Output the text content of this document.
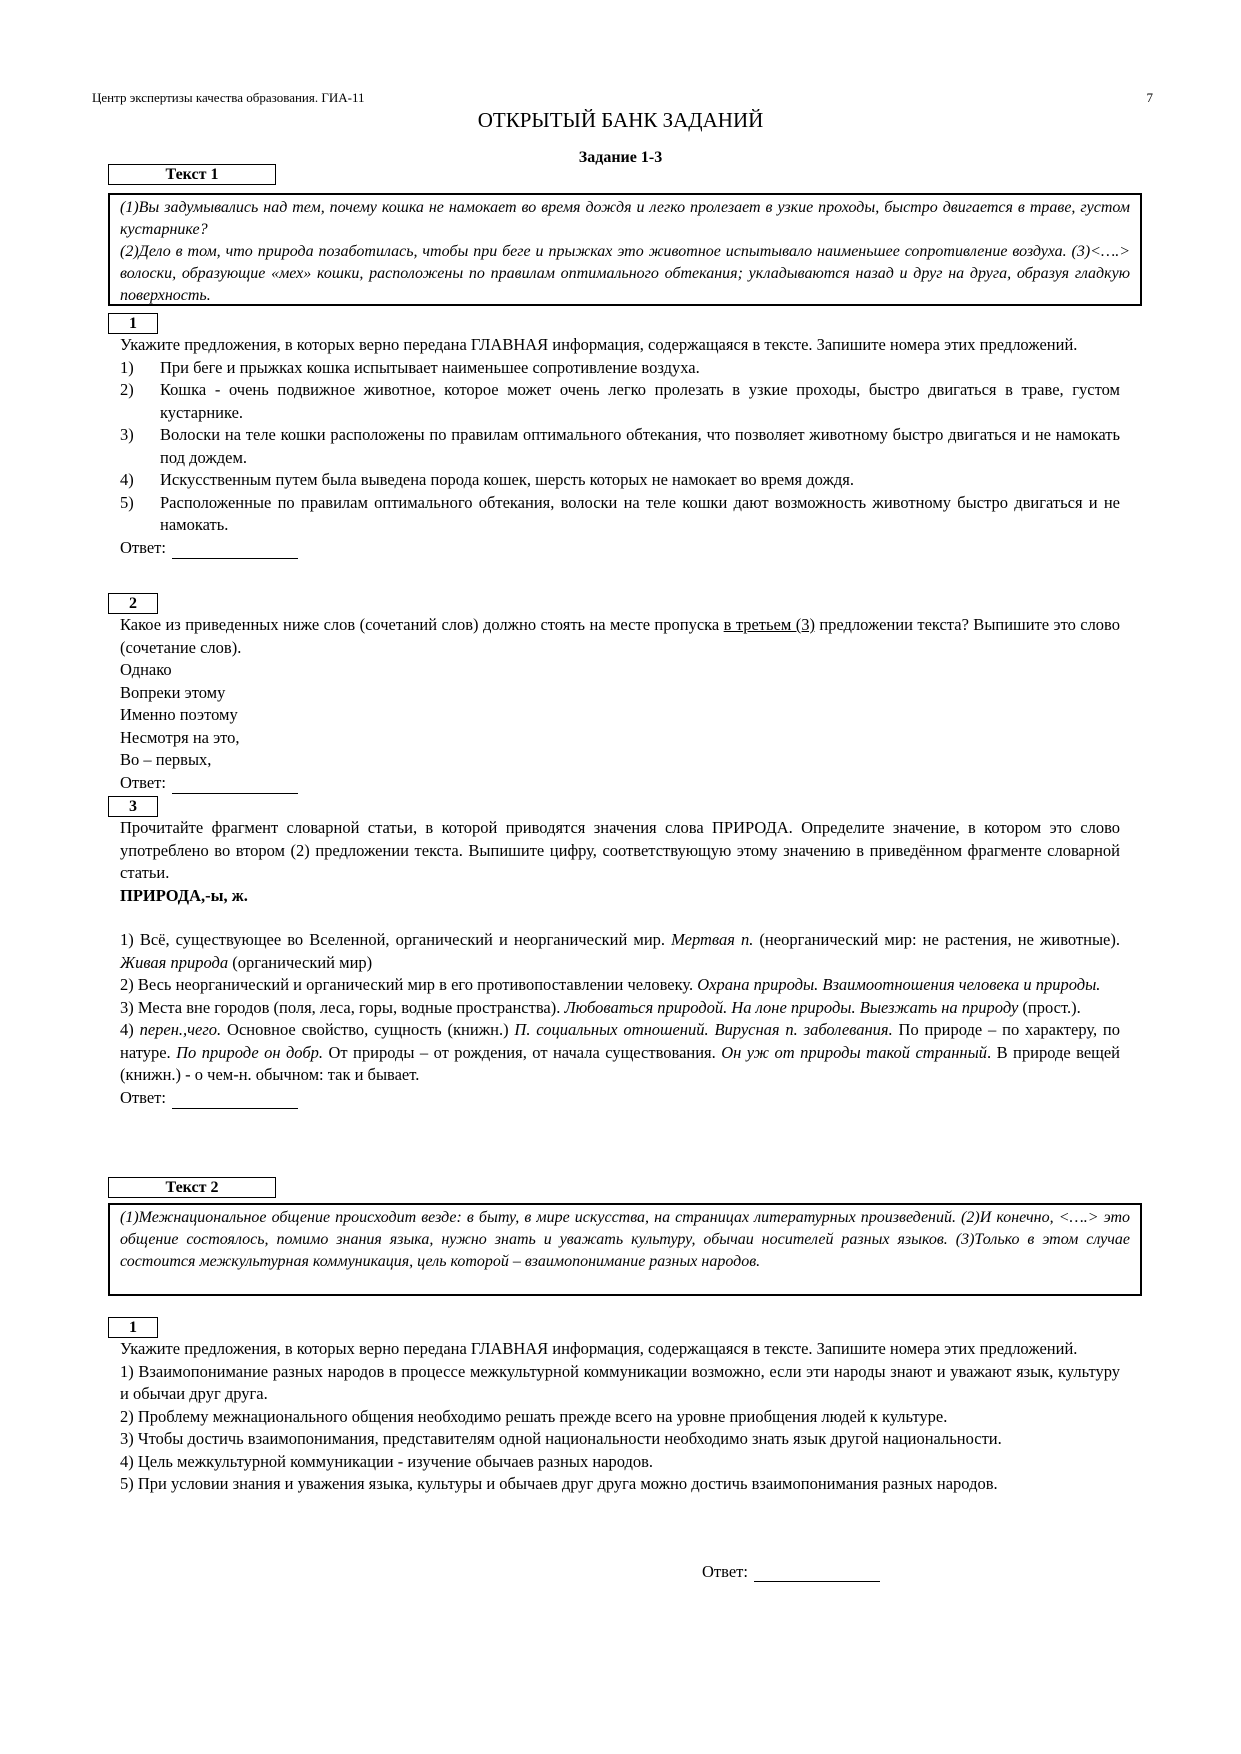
Центр экспертизы качества образования. ГИА-11	7
ОТКРЫТЫЙ БАНК ЗАДАНИЙ
Задание 1-3
Текст 1

(1)Вы задумывались над тем, почему кошка не намокает во время дождя и легко пролезает в узкие проходы, быстро двигается в траве, густом кустарнике?

(2)Дело в том, что природа позаботилась, чтобы при беге и прыжках это животное испытывало наименьшее сопротивление воздуха. (3)<….> волоски, образующие «мех» кошки, расположены по правилам оптимального обтекания; укладываются назад и друг на друга, образуя гладкую поверхность.

1

Укажите предложения, в которых верно передана ГЛАВНАЯ информация, содержащаяся в тексте. Запишите номера этих предложений.

1)	При беге и прыжках кошка испытывает наименьшее сопротивление воздуха.
2)	Кошка - очень подвижное животное, которое может очень легко пролезать в узкие проходы, быстро двигаться в траве, густом кустарнике.
3)	Волоски на теле кошки расположены по правилам оптимального обтекания, что позволяет животному быстро двигаться и не намокать под дождем.
4)	Искусственным путем была выведена порода кошек, шерсть которых не намокает во время дождя.
5)	Расположенные по правилам оптимального обтекания, волоски на теле кошки дают возможность животному быстро двигаться и не намокать.

Ответ:

2

Какое из приведенных ниже слов (сочетаний слов) должно стоять на месте пропуска в третьем (3) предложении текста? Выпишите это слово (сочетание слов).

Однако

Вопреки этому

Именно поэтому

Несмотря на это,

Во – первых,

Ответ:

3

Прочитайте фрагмент словарной статьи, в которой приводятся значения слова ПРИРОДА. Определите значение, в котором это слово употреблено во втором (2) предложении текста. Выпишите цифру, соответствующую этому значению в приведённом фрагменте словарной статьи.

ПРИРОДА,-ы, ж.

1) Всё, существующее во Вселенной, органический и неорганический мир. Мертвая п. (неорганический мир: не растения, не животные). Живая природа (органический мир)

2) Весь неорганический и органический мир в его противопоставлении человеку. Охрана природы. Взаимоотношения человека и природы.

3) Места вне городов (поля, леса, горы, водные пространства). Любоваться природой. На лоне природы. Выезжать на природу (прост.).

4) перен.,чего. Основное свойство, сущность (книжн.) П. социальных отношений. Вирусная п. заболевания. По природе – по характеру, по натуре. По природе он добр. От природы – от рождения, от начала существования. Он уж от природы такой странный. В природе вещей (книжн.) - о чем-н. обычном: так и бывает.

Ответ:

Текст 2

(1)Межнациональное общение происходит везде: в быту, в мире искусства, на страницах литературных произведений. (2)И конечно, <….> это общение состоялось, помимо знания языка, нужно знать и уважать культуру, обычаи носителей разных языков. (3)Только в этом случае состоится межкультурная коммуникация, цель которой – взаимопонимание разных народов.

1

Укажите предложения, в которых верно передана ГЛАВНАЯ информация, содержащаяся в тексте. Запишите номера этих предложений.

1) Взаимопонимание разных народов в процессе межкультурной коммуникации возможно, если эти народы знают и уважают язык, культуру и обычаи друг друга.

2) Проблему межнационального общения необходимо решать прежде всего на уровне приобщения людей к культуре.

3) Чтобы достичь взаимопонимания, представителям одной национальности необходимо знать язык другой национальности.

4) Цель межкультурной коммуникации - изучение обычаев разных народов.

5) При условии знания и уважения языка, культуры и обычаев друг друга можно достичь взаимопонимания разных народов.

Ответ:
